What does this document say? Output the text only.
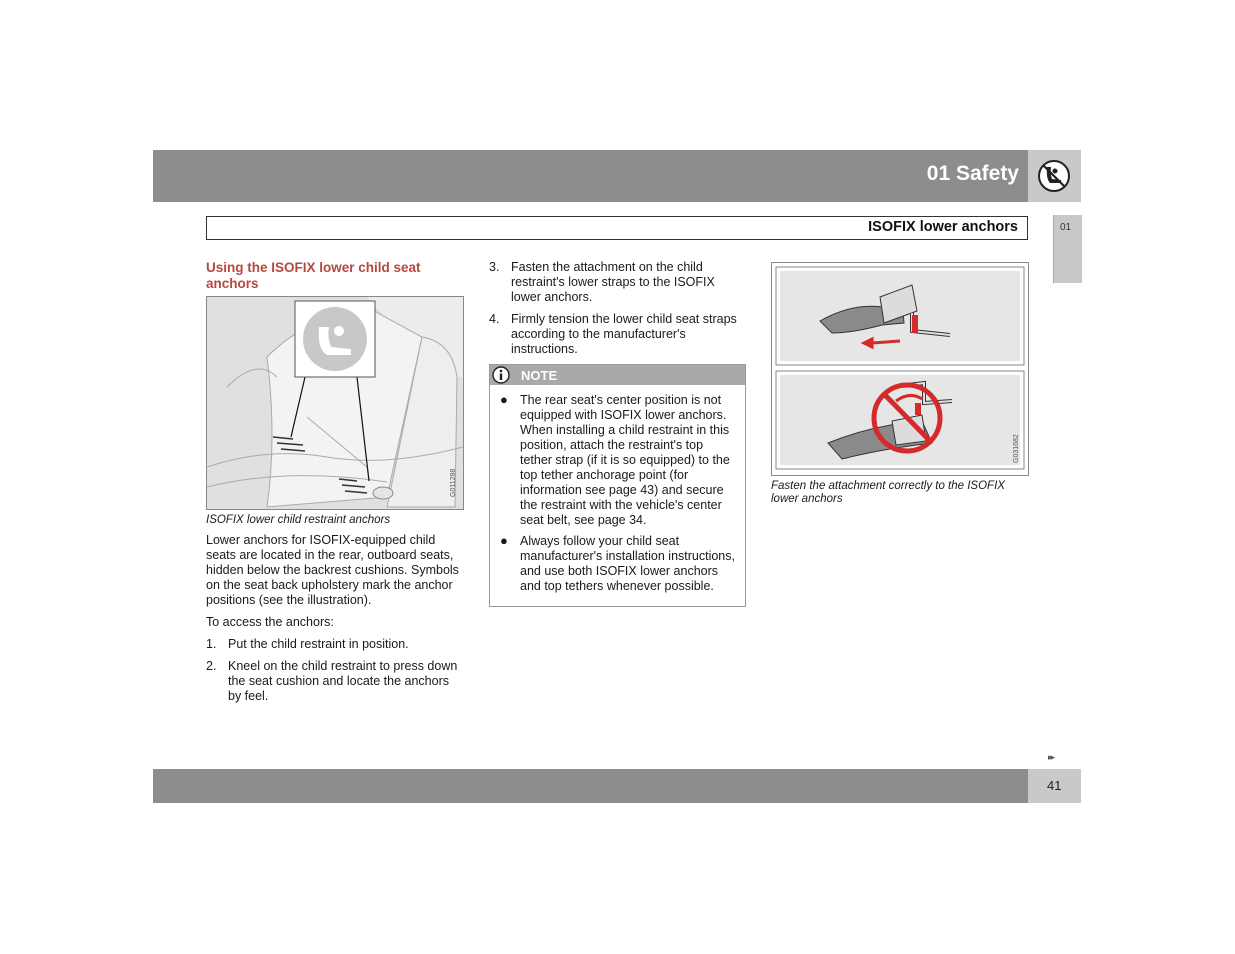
01 Safety
ISOFIX lower anchors	01
Using the ISOFIX lower child seat anchors
G011288
ISOFIX lower child restraint anchors

Lower anchors for ISOFIX-equipped child seats are located in the rear, outboard seats, hidden below the backrest cushions. Symbols on the seat back upholstery mark the anchor positions (see the illustration).

To access the anchors:

1. Put the child restraint in position.
2. Kneel on the child restraint to press down the seat cushion and locate the anchors by feel.
3. Fasten the attachment on the child restraint's lower straps to the ISOFIX lower anchors.
4. Firmly tension the lower child seat straps according to the manufacturer's instructions.
NOTE
● The rear seat's center position is not equipped with ISOFIX lower anchors. When installing a child restraint in this position, attach the restraint's top tether strap (if it is so equipped) to the top tether anchorage point (for information see page 43) and secure the restraint with the vehicle's center seat belt, see page 34.
● Always follow your child seat manufacturer's installation instructions, and use both ISOFIX lower anchors and top tethers whenever possible.
G031682
Fasten the attachment correctly to the ISOFIX lower anchors
▸▸
41
